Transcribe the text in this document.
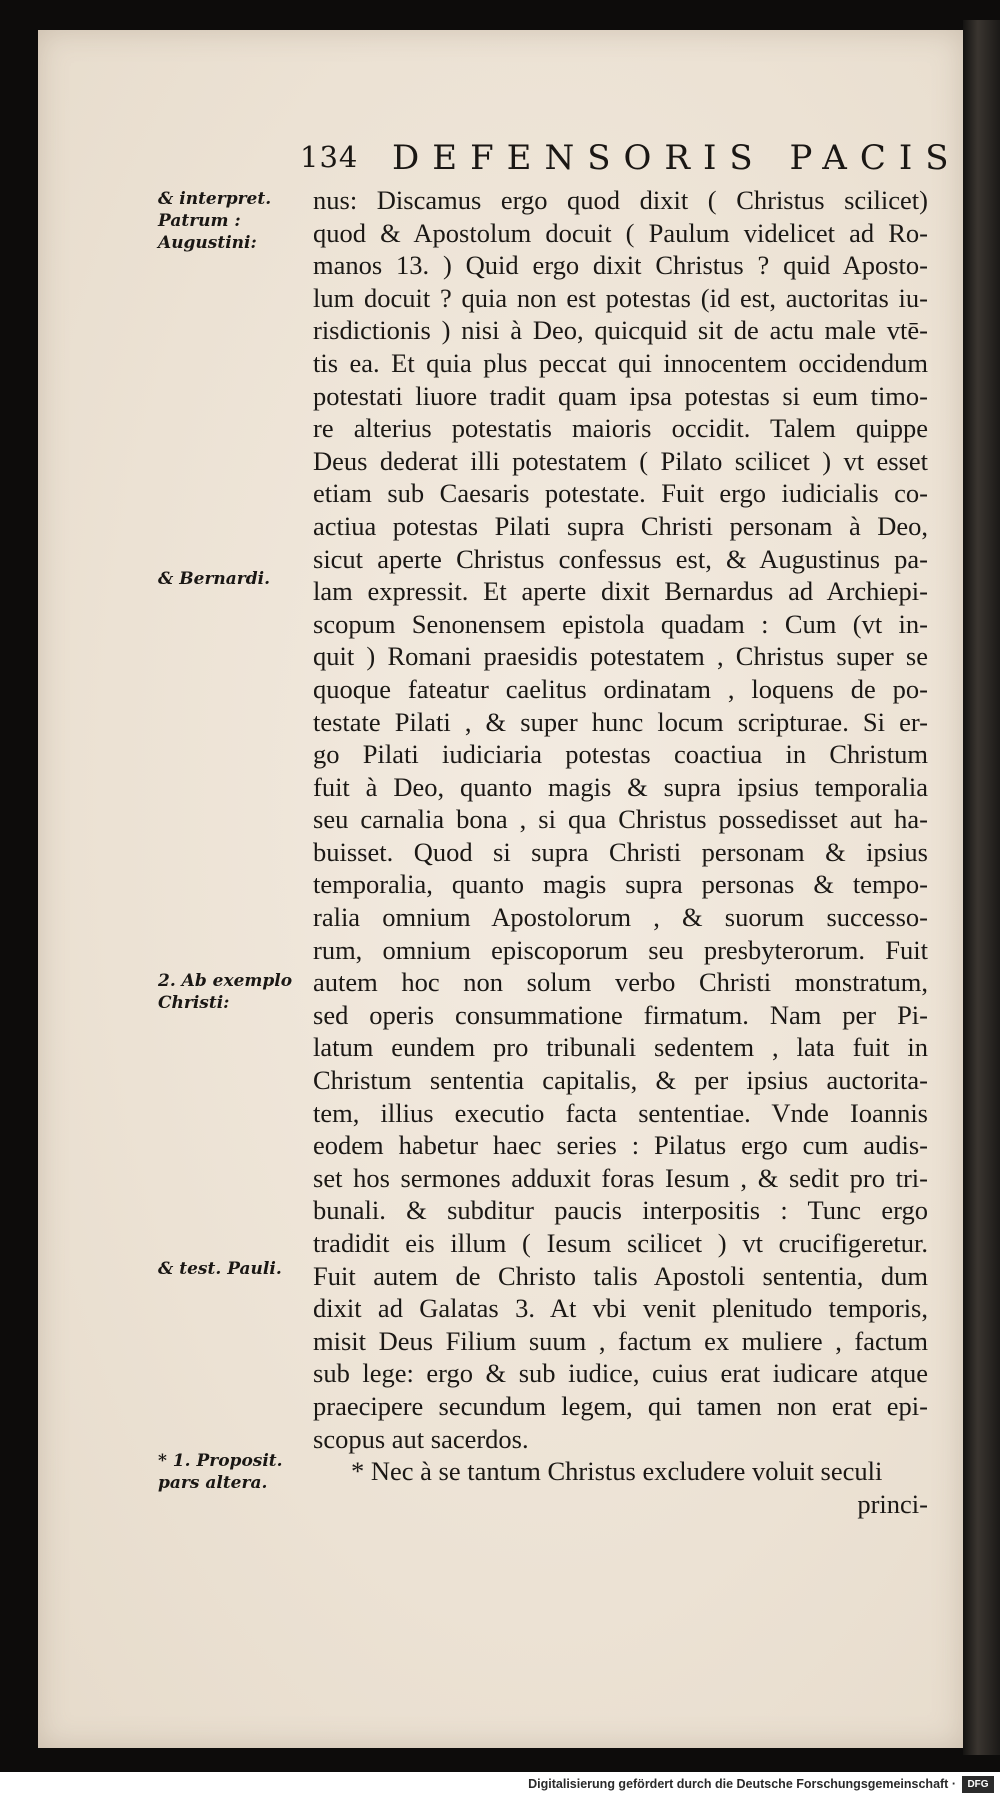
134 DEFENSORIS PACIS
& interpret.
Patrum :
Augustini:
& Bernardi.
2. Ab exemplo
Christi:
& test. Pauli.
* 1. Proposit.
pars altera.
nus: Discamus ergo quod dixit ( Christus scilicet)
quod & Apostolum docuit ( Paulum videlicet ad Ro-
manos 13. ) Quid ergo dixit Christus ? quid Aposto-
lum docuit ? quia non est potestas (id est, auctoritas iu-
risdictionis ) nisi à Deo, quicquid sit de actu male vtē-
tis ea. Et quia plus peccat qui innocentem occidendum
potestati liuore tradit quam ipsa potestas si eum timo-
re alterius potestatis maioris occidit. Talem quippe
Deus dederat illi potestatem ( Pilato scilicet ) vt esset
etiam sub Caesaris potestate. Fuit ergo iudicialis co-
actiua potestas Pilati supra Christi personam à Deo,
sicut aperte Christus confessus est, & Augustinus pa-
lam expressit. Et aperte dixit Bernardus ad Archiepi-
scopum Senonensem epistola quadam : Cum (vt in-
quit ) Romani praesidis potestatem , Christus super se
quoque fateatur caelitus ordinatam , loquens de po-
testate Pilati , & super hunc locum scripturae. Si er-
go Pilati iudiciaria potestas coactiua in Christum
fuit à Deo, quanto magis & supra ipsius temporalia
seu carnalia bona , si qua Christus possedisset aut ha-
buisset. Quod si supra Christi personam & ipsius
temporalia, quanto magis supra personas & tempo-
ralia omnium Apostolorum , & suorum successo-
rum, omnium episcoporum seu presbyterorum. Fuit
autem hoc non solum verbo Christi monstratum,
sed operis consummatione firmatum. Nam per Pi-
latum eundem pro tribunali sedentem , lata fuit in
Christum sententia capitalis, & per ipsius auctorita-
tem, illius executio facta sententiae. Vnde Ioannis
eodem habetur haec series : Pilatus ergo cum audis-
set hos sermones adduxit foras Iesum , & sedit pro tri-
bunali. & subditur paucis interpositis : Tunc ergo
tradidit eis illum ( Iesum scilicet ) vt crucifigeretur.
Fuit autem de Christo talis Apostoli sententia, dum
dixit ad Galatas 3. At vbi venit plenitudo temporis,
misit Deus Filium suum , factum ex muliere , factum
sub lege: ergo & sub iudice, cuius erat iudicare atque
praecipere secundum legem, qui tamen non erat epi-
scopus aut sacerdos.
* Nec à se tantum Christus excludere voluit seculi
princi-
Digitalisierung gefördert durch die Deutsche Forschungsgemeinschaft ·	DFG
